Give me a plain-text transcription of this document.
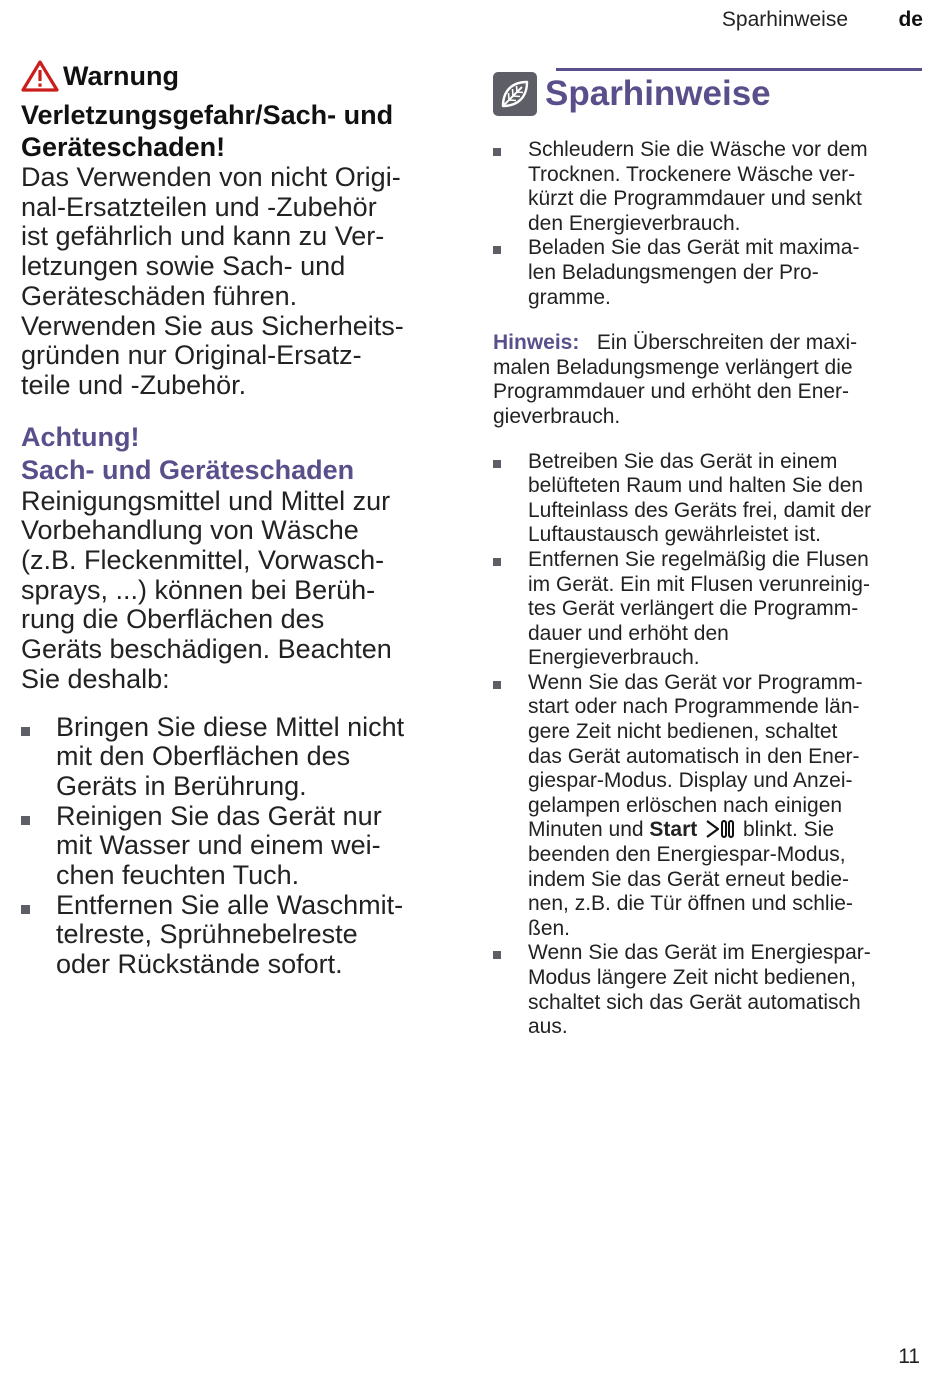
Sparhinweise de
Warnung
Verletzungsgefahr/Sach- und Geräteschaden!
Das Verwenden von nicht Origi-
nal-Ersatzteilen und -Zubehör
ist gefährlich und kann zu Ver-
letzungen sowie Sach- und
Geräteschäden führen.
Verwenden Sie aus Sicherheits-
gründen nur Original-Ersatz-
teile und -Zubehör.
Achtung!
Sach- und Geräteschaden
Reinigungsmittel und Mittel zur
Vorbehandlung von Wäsche
(z.B. Fleckenmittel, Vorwasch-
sprays, ...) können bei Berüh-
rung die Oberflächen des
Geräts beschädigen. Beachten
Sie deshalb:
Bringen Sie diese Mittel nicht
mit den Oberflächen des
Geräts in Berührung.
Reinigen Sie das Gerät nur
mit Wasser und einem wei-
chen feuchten Tuch.
Entfernen Sie alle Waschmit-
telreste, Sprühnebelreste
oder Rückstände sofort.
Sparhinweise
Schleudern Sie die Wäsche vor dem
Trocknen. Trockenere Wäsche ver-
kürzt die Programmdauer und senkt
den Energieverbrauch.
Beladen Sie das Gerät mit maxima-
len Beladungsmengen der Pro-
gramme.
Hinweis: Ein Überschreiten der maxi-
malen Beladungsmenge verlängert die
Programmdauer und erhöht den Ener-
gieverbrauch.
Betreiben Sie das Gerät in einem
belüfteten Raum und halten Sie den
Lufteinlass des Geräts frei, damit der
Luftaustausch gewährleistet ist.
Entfernen Sie regelmäßig die Flusen
im Gerät. Ein mit Flusen verunreinig-
tes Gerät verlängert die Programm-
dauer und erhöht den
Energieverbrauch.
Wenn Sie das Gerät vor Programm-
start oder nach Programmende län-
gere Zeit nicht bedienen, schaltet
das Gerät automatisch in den Ener-
giespar-Modus. Display und Anzei-
gelampen erlöschen nach einigen
Minuten und Start  blinkt. Sie
beenden den Energiespar-Modus,
indem Sie das Gerät erneut bedie-
nen, z.B. die Tür öffnen und schlie-
ßen.
Wenn Sie das Gerät im Energiespar-
Modus längere Zeit nicht bedienen,
schaltet sich das Gerät automatisch
aus.
11
